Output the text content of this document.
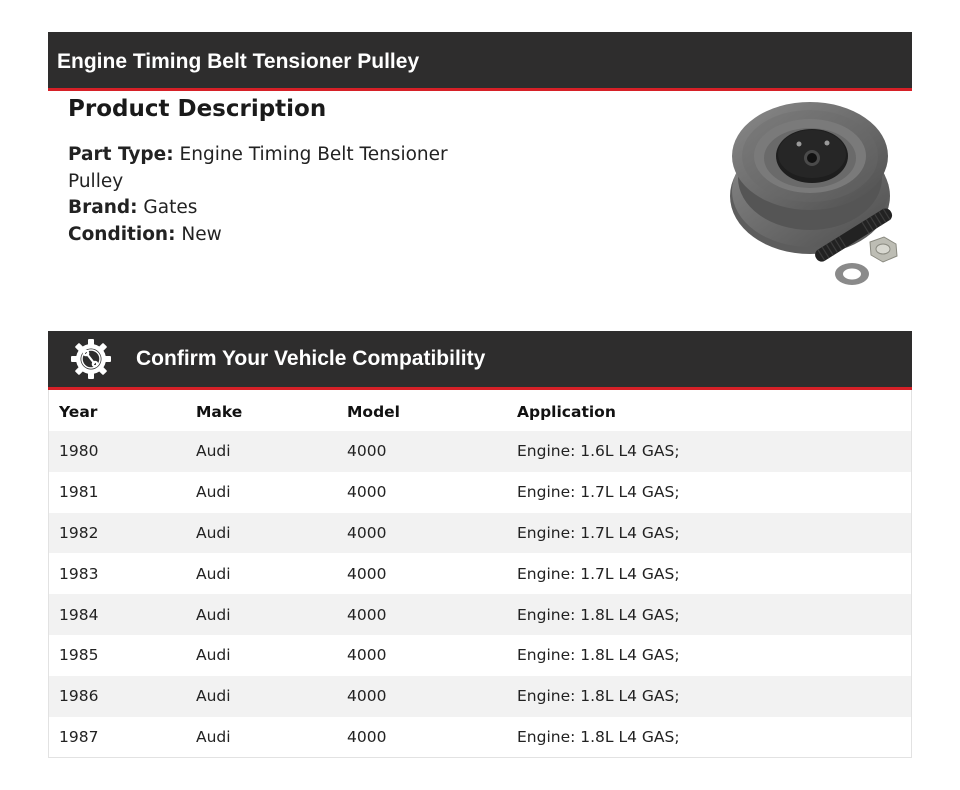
Engine Timing Belt Tensioner Pulley
Product Description

Part Type: Engine Timing Belt Tensioner Pulley
Brand: Gates
Condition: New

Confirm Your Vehicle Compatibility
Year	Make	Model	Application
1980	Audi	4000	Engine: 1.6L L4 GAS;
1981	Audi	4000	Engine: 1.7L L4 GAS;
1982	Audi	4000	Engine: 1.7L L4 GAS;
1983	Audi	4000	Engine: 1.7L L4 GAS;
1984	Audi	4000	Engine: 1.8L L4 GAS;
1985	Audi	4000	Engine: 1.8L L4 GAS;
1986	Audi	4000	Engine: 1.8L L4 GAS;
1987	Audi	4000	Engine: 1.8L L4 GAS;
